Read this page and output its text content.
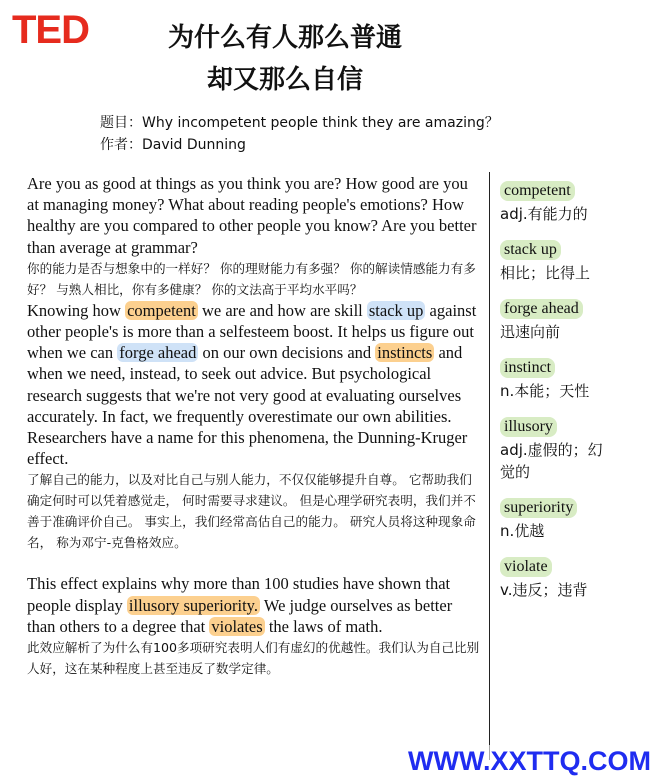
TED	为什么有人那么普通
却又那么自信
题目：Why incompetent people think they are amazing？
作者：David Dunning

Are you as good at things as you think you are? How good are you at managing money? What about reading people's emotions? How healthy are you compared to other people you know? Are you better than average at grammar?

你的能力是否与想象中的一样好？ 你的理财能力有多强？ 你的解读情感能力有多好？ 与熟人相比，你有多健康？ 你的文法高于平均水平吗？

Knowing how competent we are and how are skill stack up against other people's is more than a selfesteem boost. It helps us figure out when we can forge ahead on our own decisions and instincts and when we need, instead, to seek out advice. But psychological research suggests that we're not very good at evaluating ourselves accurately. In fact, we frequently overestimate our own abilities. Researchers have a name for this phenomena, the Dunning-Kruger effect.

了解自己的能力，以及对比自己与别人能力，不仅仅能够提升自尊。 它帮助我们确定何时可以凭着感觉走， 何时需要寻求建议。 但是心理学研究表明，我们并不善于准确评价自己。 事实上，我们经常高估自己的能力。 研究人员将这种现象命名， 称为邓宁-克鲁格效应。

This effect explains why more than 100 studies have shown that people display illusory superiority. We judge ourselves as better than others to a degree that violates the laws of math.

此效应解析了为什么有100多项研究表明人们有虚幻的优越性。我们认为自己比别人好，这在某种程度上甚至违反了数学定律。

competent
adj.有能力的
stack up
相比；比得上
forge ahead
迅速向前
instinct
n.本能；天性
illusory
adj.虚假的；幻觉的
superiority
n.优越
violate
v.违反；违背
WWW.XXTTQ.COM
